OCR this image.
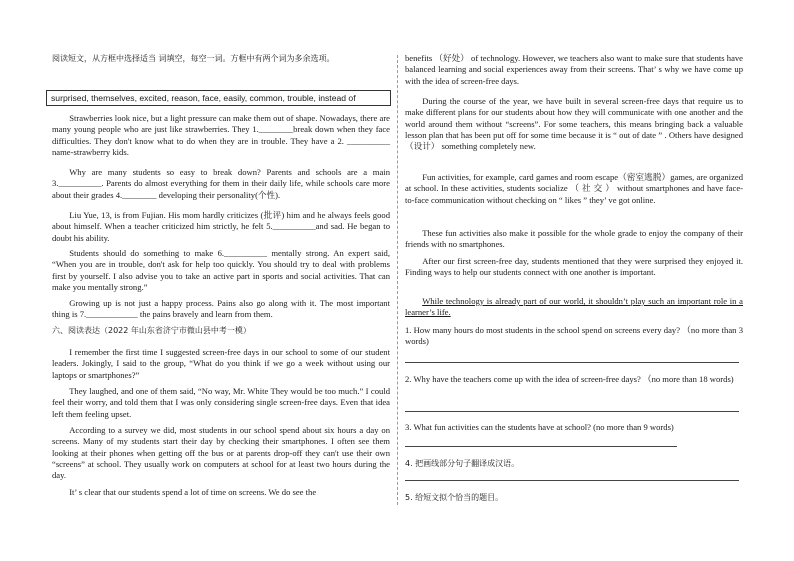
阅读短文，从方框中选择适当 词填空，每空一词。方框中有两个词为多余选项。

surprised, themselves, excited, reason, face, easily, common, trouble, instead of

Strawberries look nice, but a light pressure can make them out of shape. Nowadays, there are many young people who are just like strawberries. They 1.________break down when they face difficulties. They don't know what to do when they are in trouble. They have a 2. __________ name-strawberry kids.

Why are many students so easy to break down? Parents and schools are a main 3.__________. Parents do almost everything for them in their daily life, while schools care more about their grades 4.________ developing their personality(个性).

Liu Yue, 13, is from Fujian. His mom hardly criticizes (批评) him and he always feels good about himself. When a teacher criticized him strictly, he felt 5.__________and sad. He began to doubt his ability.

Students should do something to make 6.__________ mentally strong. An expert said, “When you are in trouble, don't ask for help too quickly. You should try to deal with problems first by yourself. I also advise you to take an active part in sports and social activities. That can make you mentally strong.”

Growing up is not just a happy process. Pains also go along with it. The most important thing is 7.____________ the pains bravely and learn from them.

六、阅读表达（2022 年山东省济宁市微山县中考一模）

I remember the first time I suggested screen-free days in our school to some of our student leaders. Jokingly, I said to the group, “What do you think if we go a week without using our laptops or smartphones?”

They laughed, and one of them said, “No way, Mr. White They would be too much.” I could feel their worry, and told them that I was only considering single screen-free days. Even that idea left them feeling upset.

According to a survey we did, most students in our school spend about six hours a day on screens. Many of my students start their day by checking their smartphones. I often see them looking at their phones when getting off the bus or at parents drop-off they can't use their own “screens” at school. They usually work on computers at school for at least two hours during the day.

It’ s clear that our students spend a lot of time on screens. We do see the

benefits （好处） of technology. However, we teachers also want to make sure that students have balanced learning and social experiences away from their screens. That’ s why we have come up with the idea of screen-free days.

During the course of the year, we have built in several screen-free days that require us to make different plans for our students about how they will communicate with one another and the world around them without “screens”. For some teachers, this means bringing back a valuable lesson plan that has been put off for some time because it is “ out of date ” . Others have designed （设计） something completely new.

Fun activities, for example, card games and room escape（密室逃脱）games, are organized at school. In these activities, students socialize （ 社 交 ） without smartphones and have face-to-face communication without checking on “ likes ” they’ ve got online.

These fun activities also make it possible for the whole grade to enjoy the company of their friends with no smartphones.

After our first screen-free day, students mentioned that they were surprised they enjoyed it. Finding ways to help our students connect with one another is important.

While technology is already part of our world, it shouldn’t play such an important role in a learner’s life.

1. How many hours do most students in the school spend on screens every day? （no more than 3 words)

2. Why have the teachers come up with the idea of screen-free days? （no more than 18 words)

3. What fun activities can the students have at school? (no more than 9 words)

4. 把画线部分句子翻译成汉语。

5. 给短文拟个恰当的题目。
